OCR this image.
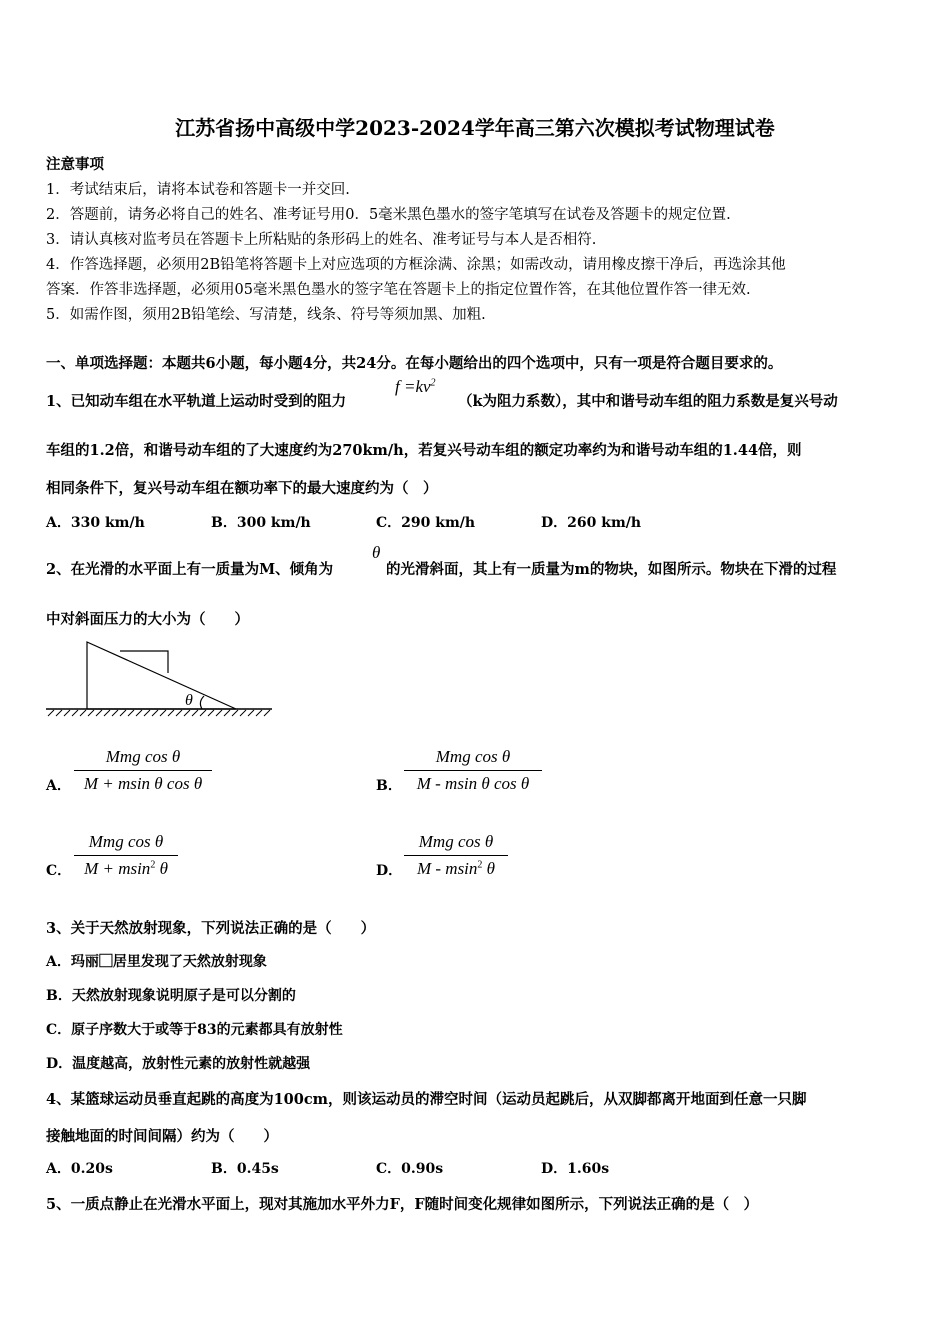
江苏省扬中高级中学2023-2024学年高三第六次模拟考试物理试卷
注意事项
1．考试结束后，请将本试卷和答题卡一并交回.
2．答题前，请务必将自己的姓名、准考证号用0．5毫米黑色墨水的签字笔填写在试卷及答题卡的规定位置.
3．请认真核对监考员在答题卡上所粘贴的条形码上的姓名、准考证号与本人是否相符.
4．作答选择题，必须用2B铅笔将答题卡上对应选项的方框涂满、涂黑；如需改动，请用橡皮擦干净后，再选涂其他
答案．作答非选择题，必须用05毫米黑色墨水的签字笔在答题卡上的指定位置作答，在其他位置作答一律无效.
5．如需作图，须用2B铅笔绘、写清楚，线条、符号等须加黑、加粗.
一、单项选择题：本题共6小题，每小题4分，共24分。在每小题给出的四个选项中，只有一项是符合题目要求的。
1、已知动车组在水平轨道上运动时受到的阻力
$f =kv^2$
（k为阻力系数），其中和谐号动车组的阻力系数是复兴号动
车组的1.2倍，和谐号动车组的了大速度约为270km/h，若复兴号动车组的额定功率约为和谐号动车组的1.44倍，则
相同条件下，复兴号动车组在额功率下的最大速度约为（　）
A．330 km/h	B．300 km/h	C．290 km/h	D．260 km/h
2、在光滑的水平面上有一质量为M、倾角为
θ
的光滑斜面，其上有一质量为m的物块，如图所示。物块在下滑的过程
中对斜面压力的大小为（　　）
θ
A．
Mmg cos θ
M + msin θ cos θ	B．
Mmg cos θ
M - msin θ cos θ
C．
Mmg cos θ
M + msin$^2$ θ	D．
Mmg cos θ
M - msin$^2$ θ
3、关于天然放射现象，下列说法正确的是（　　）
A．玛丽⃞居里发现了天然放射现象
B．天然放射现象说明原子是可以分割的
C．原子序数大于或等于83的元素都具有放射性
D．温度越高，放射性元素的放射性就越强
4、某篮球运动员垂直起跳的高度为100cm，则该运动员的滞空时间（运动员起跳后，从双脚都离开地面到任意一只脚
接触地面的时间间隔）约为（　　）
A．0.20s	B．0.45s	C．0.90s	D．1.60s
5、一质点静止在光滑水平面上，现对其施加水平外力F，F随时间变化规律如图所示，下列说法正确的是（　）
